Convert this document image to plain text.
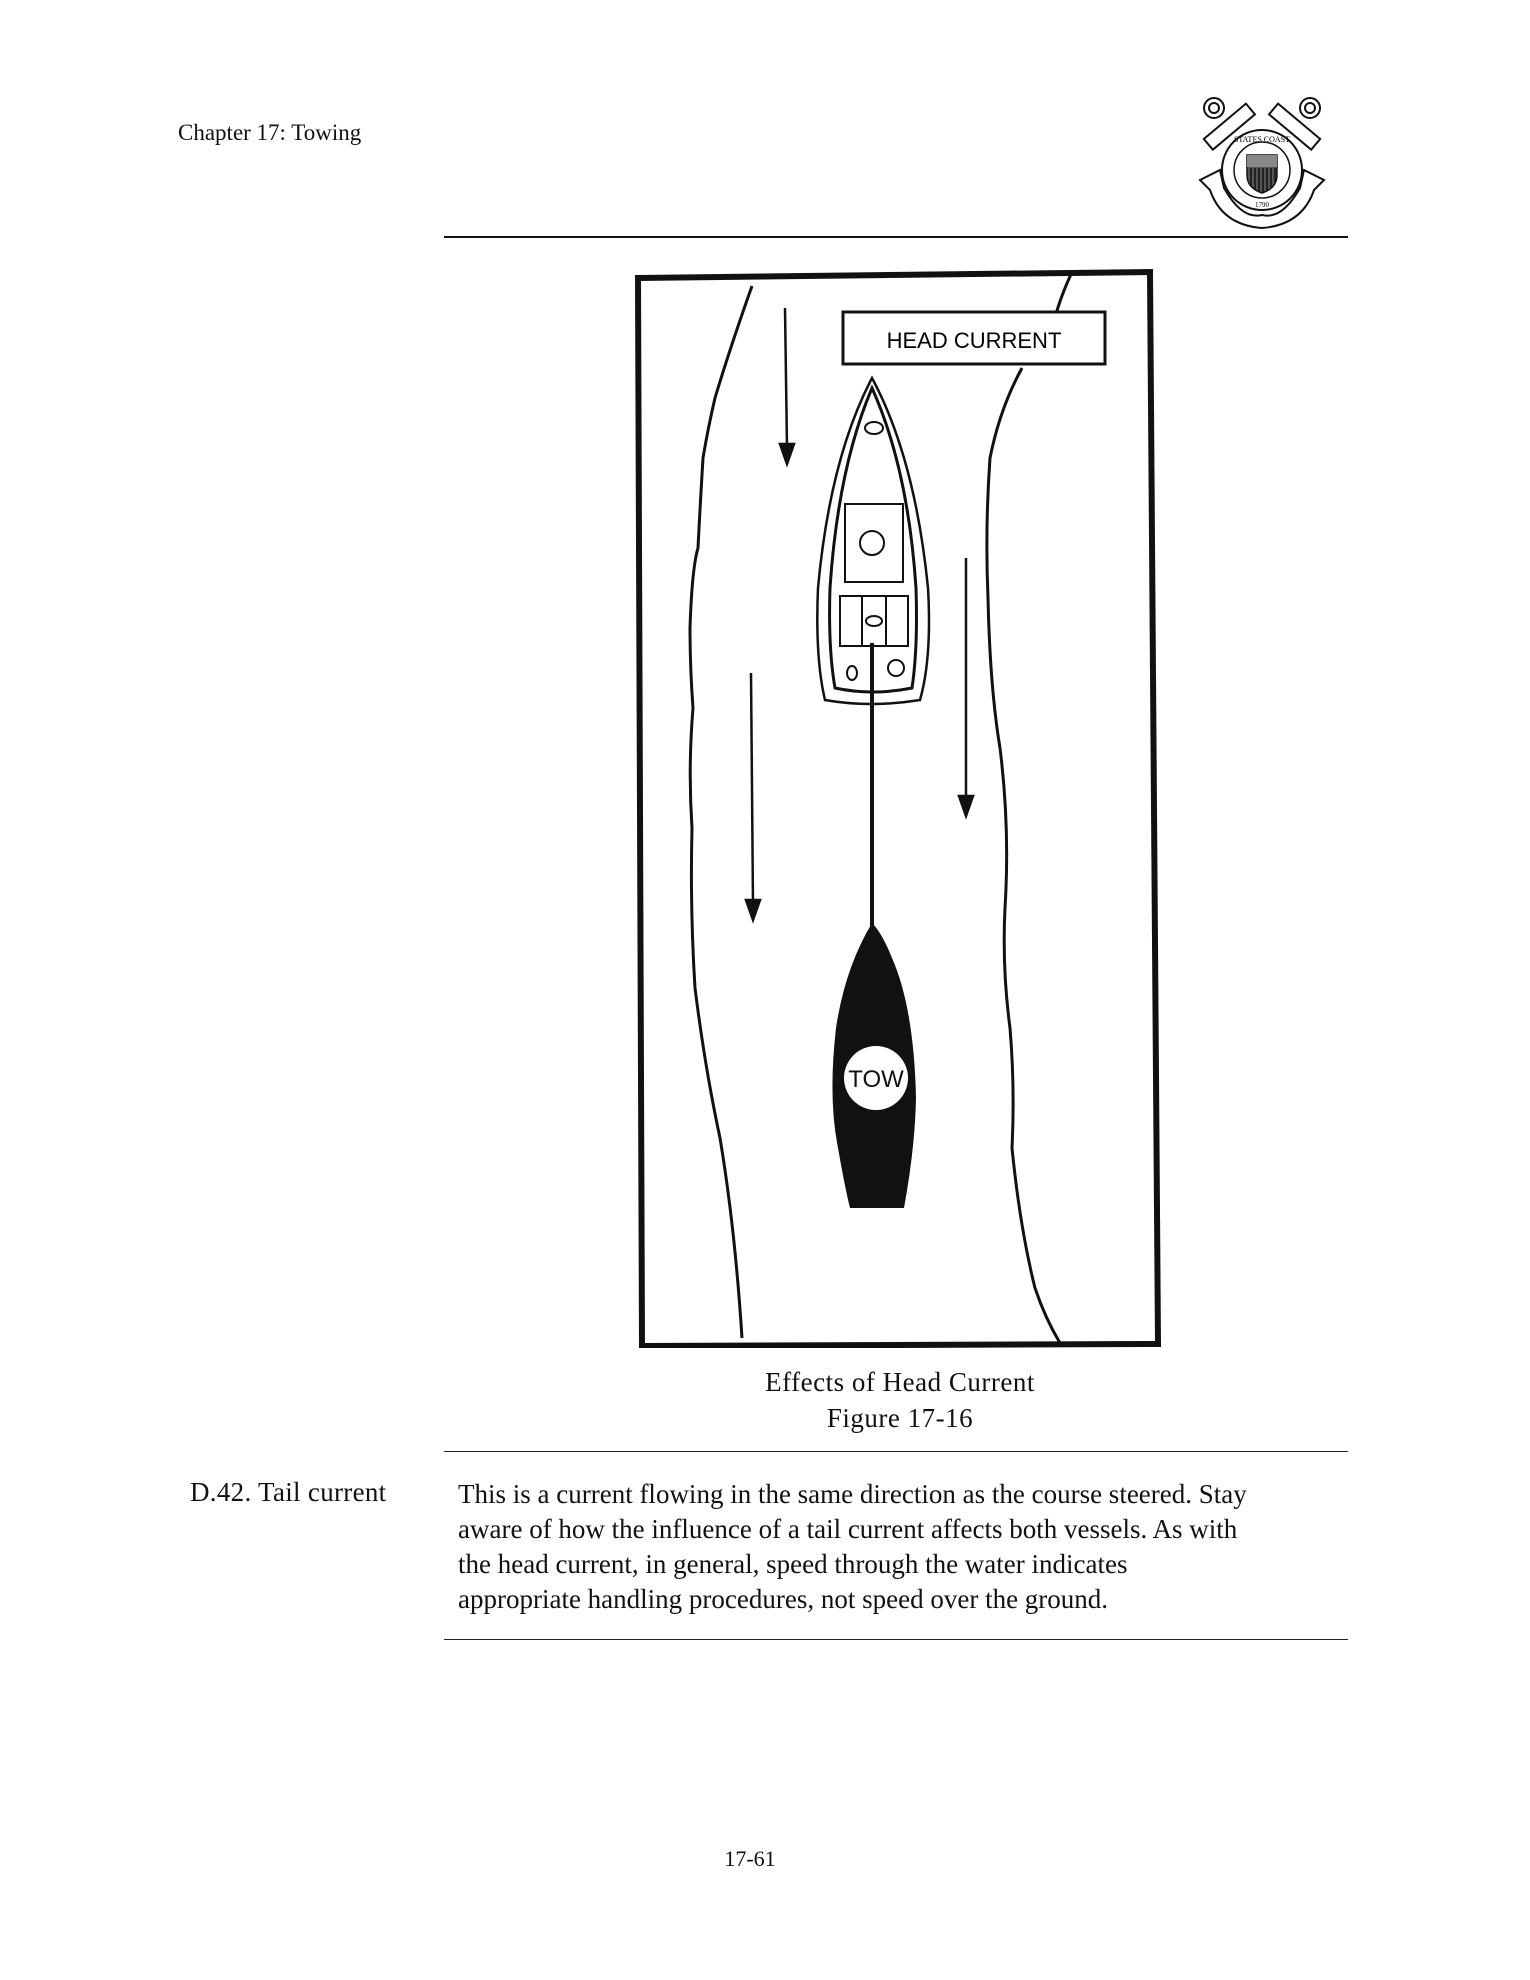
Chapter 17: Towing	STATES COAST
1790
HEAD CURRENT
TOW
Effects of Head Current
Figure 17-16
D.42. Tail current	This is a current flowing in the same direction as the course steered. Stay
aware of how the influence of a tail current affects both vessels. As with
the head current, in general, speed through the water indicates
appropriate handling procedures, not speed over the ground.
17-61
